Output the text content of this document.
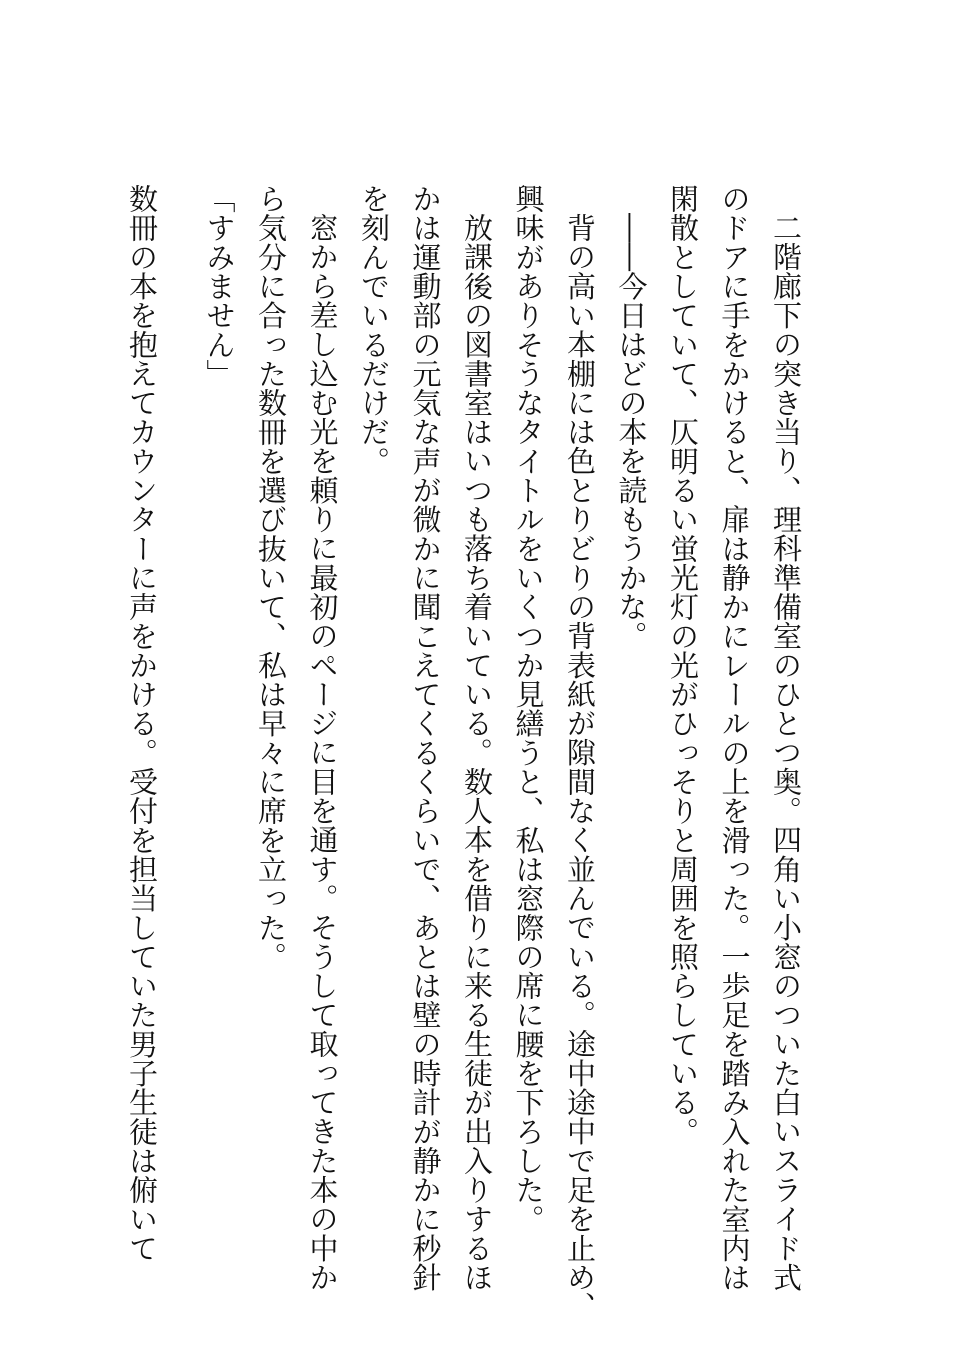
二階廊下の突き当り、理科準備室のひとつ奥。四角い小窓のついた白いスライド式
のドアに手をかけると、扉は静かにレールの上を滑った。一歩足を踏み入れた室内は
閑散としていて、仄明るい蛍光灯の光がひっそりと周囲を照らしている。
――今日はどの本を読もうかな。
背の高い本棚には色とりどりの背表紙が隙間なく並んでいる。途中途中で足を止め、
興味がありそうなタイトルをいくつか見繕うと、私は窓際の席に腰を下ろした。
放課後の図書室はいつも落ち着いている。数人本を借りに来る生徒が出入りするほ
かは運動部の元気な声が微かに聞こえてくるくらいで、あとは壁の時計が静かに秒針
を刻んでいるだけだ。
窓から差し込む光を頼りに最初のページに目を通す。そうして取ってきた本の中か
ら気分に合った数冊を選び抜いて、私は早々に席を立った。
「すみません」
数冊の本を抱えてカウンターに声をかける。受付を担当していた男子生徒は俯いて
